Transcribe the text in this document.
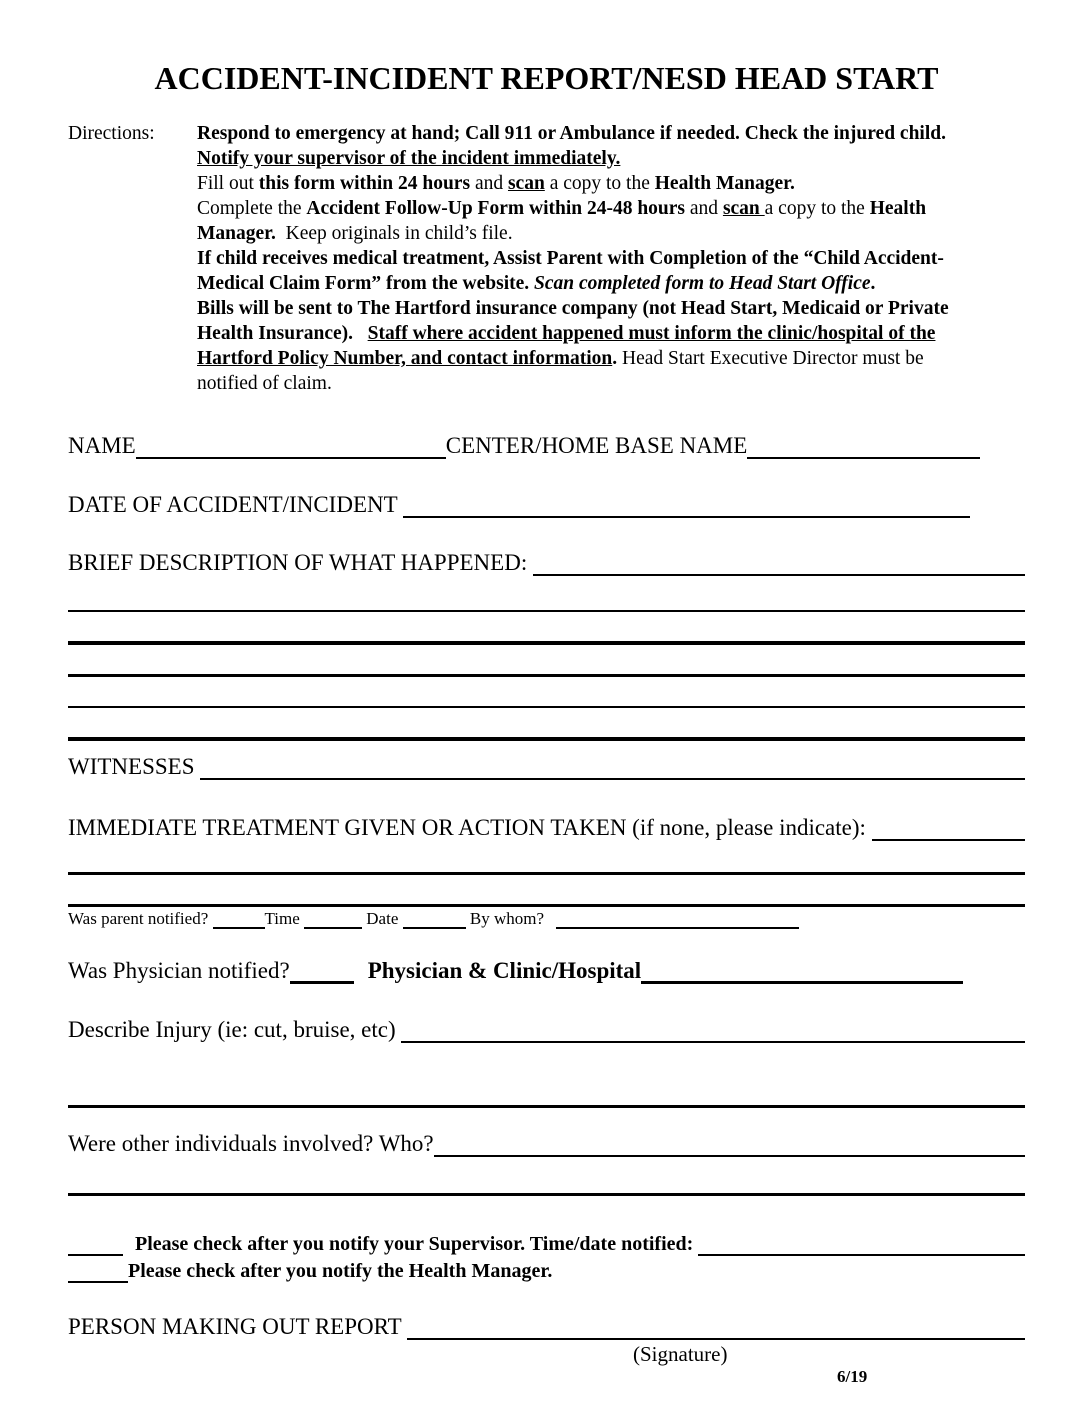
ACCIDENT-INCIDENT REPORT/NESD HEAD START
Directions:	Respond to emergency at hand; Call 911 or Ambulance if needed. Check the injured child.
Notify your supervisor of the incident immediately.
Fill out this form within 24 hours and scan a copy to the Health Manager.
Complete the Accident Follow-Up Form within 24-48 hours and scan a copy to the Health
Manager.  Keep originals in child’s file.
If child receives medical treatment, Assist Parent with Completion of the “Child Accident-
Medical Claim Form” from the website. Scan completed form to Head Start Office.
Bills will be sent to The Hartford insurance company (not Head Start, Medicaid or Private
Health Insurance). Staff where accident happened must inform the clinic/hospital of the
Hartford Policy Number, and contact information. Head Start Executive Director must be
notified of claim.
NAME	CENTER/HOME BASE NAME
DATE OF ACCIDENT/INCIDENT
BRIEF DESCRIPTION OF WHAT HAPPENED:
WITNESSES
IMMEDIATE TREATMENT GIVEN OR ACTION TAKEN (if none, please indicate):
Was parent notified?	Time	Date	By whom?
Was Physician notified?	Physician & Clinic/Hospital
Describe Injury (ie: cut, bruise, etc)
Were other individuals involved? Who?
Please check after you notify your Supervisor. Time/date notified:
Please check after you notify the Health Manager.
PERSON MAKING OUT REPORT
(Signature)
6/19
